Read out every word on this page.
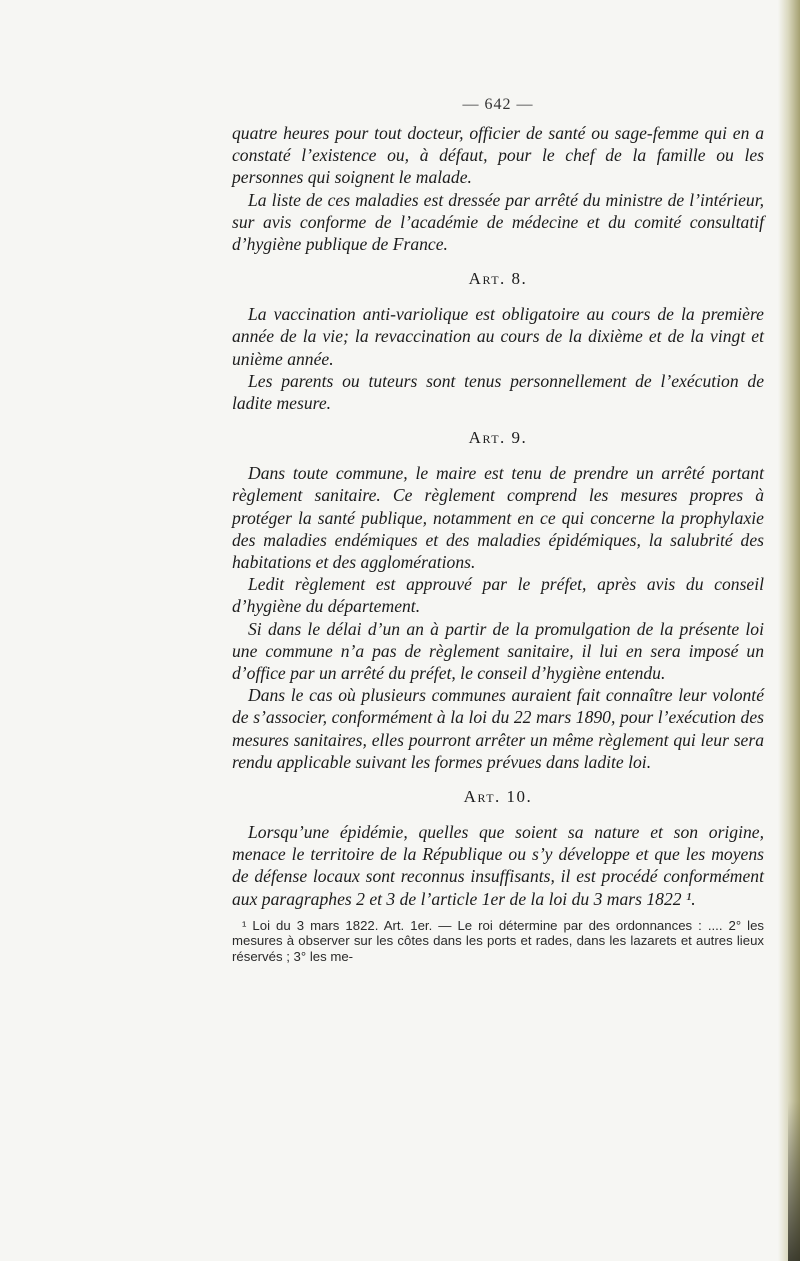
— 642 —

quatre heures pour tout docteur, officier de santé ou sage-femme qui en a constaté l’existence ou, à défaut, pour le chef de la famille ou les personnes qui soignent le malade.

La liste de ces maladies est dressée par arrêté du ministre de l’intérieur, sur avis conforme de l’académie de médecine et du comité consultatif d’hygiène publique de France.

Art. 8.

La vaccination anti-variolique est obligatoire au cours de la première année de la vie; la revaccination au cours de la dixième et de la vingt et unième année.

Les parents ou tuteurs sont tenus personnellement de l’exécution de ladite mesure.

Art. 9.

Dans toute commune, le maire est tenu de prendre un arrêté portant règlement sanitaire. Ce règlement comprend les mesures propres à protéger la santé publique, notamment en ce qui concerne la prophylaxie des maladies endémiques et des maladies épidémiques, la salubrité des habitations et des agglomérations.

Ledit règlement est approuvé par le préfet, après avis du conseil d’hygiène du département.

Si dans le délai d’un an à partir de la promulgation de la présente loi une commune n’a pas de règlement sanitaire, il lui en sera imposé un d’office par un arrêté du préfet, le conseil d’hygiène entendu.

Dans le cas où plusieurs communes auraient fait connaître leur volonté de s’associer, conformément à la loi du 22 mars 1890, pour l’exécution des mesures sanitaires, elles pourront arrêter un même règlement qui leur sera rendu applicable suivant les formes prévues dans ladite loi.

Art. 10.

Lorsqu’une épidémie, quelles que soient sa nature et son origine, menace le territoire de la République ou s’y développe et que les moyens de défense locaux sont reconnus insuffisants, il est procédé conformément aux paragraphes 2 et 3 de l’article 1er de la loi du 3 mars 1822 ¹.

¹ Loi du 3 mars 1822. Art. 1er. — Le roi détermine par des ordonnances : .... 2° les mesures à observer sur les côtes dans les ports et rades, dans les lazarets et autres lieux réservés ; 3° les me-
